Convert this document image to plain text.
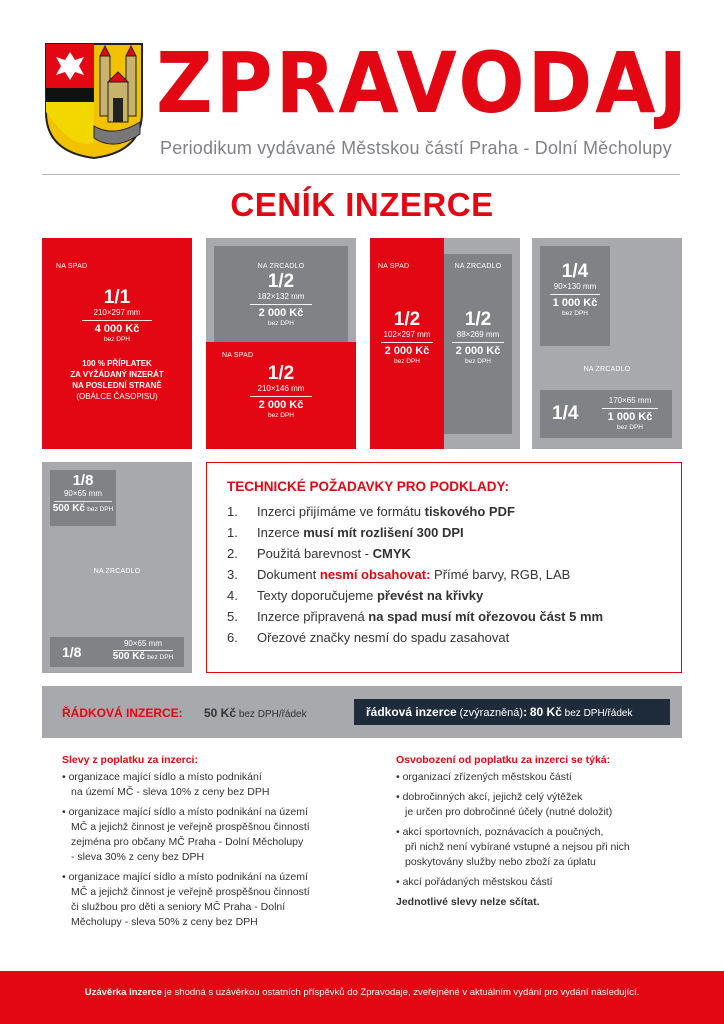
ZPRAVODAJ
Periodikum vydávané Městskou částí Praha - Dolní Měcholupy
CENÍK INZERCE
NA SPAD
1/1
210×297 mm
4 000 Kč
bez DPH
100 % PŘÍPLATEK
ZA VYŽÁDANÝ INZERÁT
NA POSLEDNÍ STRANĚ
(OBÁLCE ČASOPISU)
NA ZRCADLO
1/2
182×132 mm
2 000 Kč
bez DPH
NA SPAD
1/2
210×146 mm
2 000 Kč
bez DPH
NA SPAD
1/2
102×297 mm
2 000 Kč
bez DPH
NA ZRCADLO
1/2
88×269 mm
2 000 Kč
bez DPH
1/4
90×130 mm
1 000 Kč
bez DPH
NA ZRCADLO
1/4
170×65 mm
1 000 Kč
bez DPH
1/8
90×65 mm
500 Kč bez DPH
NA ZRCADLO
1/8
90×65 mm
500 Kč bez DPH
TECHNICKÉ POŽADAVKY PRO PODKLADY:
1.	Inzerci přijímáme ve formátu tiskového PDF
1.	Inzerce musí mít rozlišení 300 DPI
2.	Použitá barevnost - CMYK
3.	Dokument nesmí obsahovat: Přímé barvy, RGB, LAB
4.	Texty doporučujeme převést na křivky
5.	Inzerce připravená na spad musí mít ořezovou část 5 mm
6.	Ořezové značky nesmí do spadu zasahovat
ŘÁDKOVÁ INZERCE: 50 Kč bez DPH/řádek	řádková inzerce (zvýrazněná): 80 Kč bez DPH/řádek
Slevy z poplatku za inzerci:

• organizace mající sídlo a místo podnikání

na území MČ - sleva 10% z ceny bez DPH

• organizace mající sídlo a místo podnikání na území

MČ a jejichž činnost je veřejně prospěšnou činností

zejména pro občany MČ Praha - Dolní Měcholupy

- sleva 30% z ceny bez DPH

• organizace mající sídlo a místo podnikání na území

MČ a jejichž činnost je veřejně prospěšnou činností

či službou pro děti a seniory MČ Praha - Dolní

Měcholupy - sleva 50% z ceny bez DPH

Osvobození od poplatku za inzerci se týká:

• organizací zřízených městskou částí

• dobročinných akcí, jejichž celý výtěžek

je určen pro dobročinné účely (nutné doložit)

• akcí sportovních, poznávacích a poučných,

při nichž není vybírané vstupné a nejsou při nich

poskytovány služby nebo zboží za úplatu

• akcí pořádaných městskou částí

Jednotlivé slevy nelze sčítat.

Uzávěrka inzerce je shodná s uzávěrkou ostatních příspěvků do Zpravodaje, zveřejněné v aktuálním vydání pro vydání následující.
